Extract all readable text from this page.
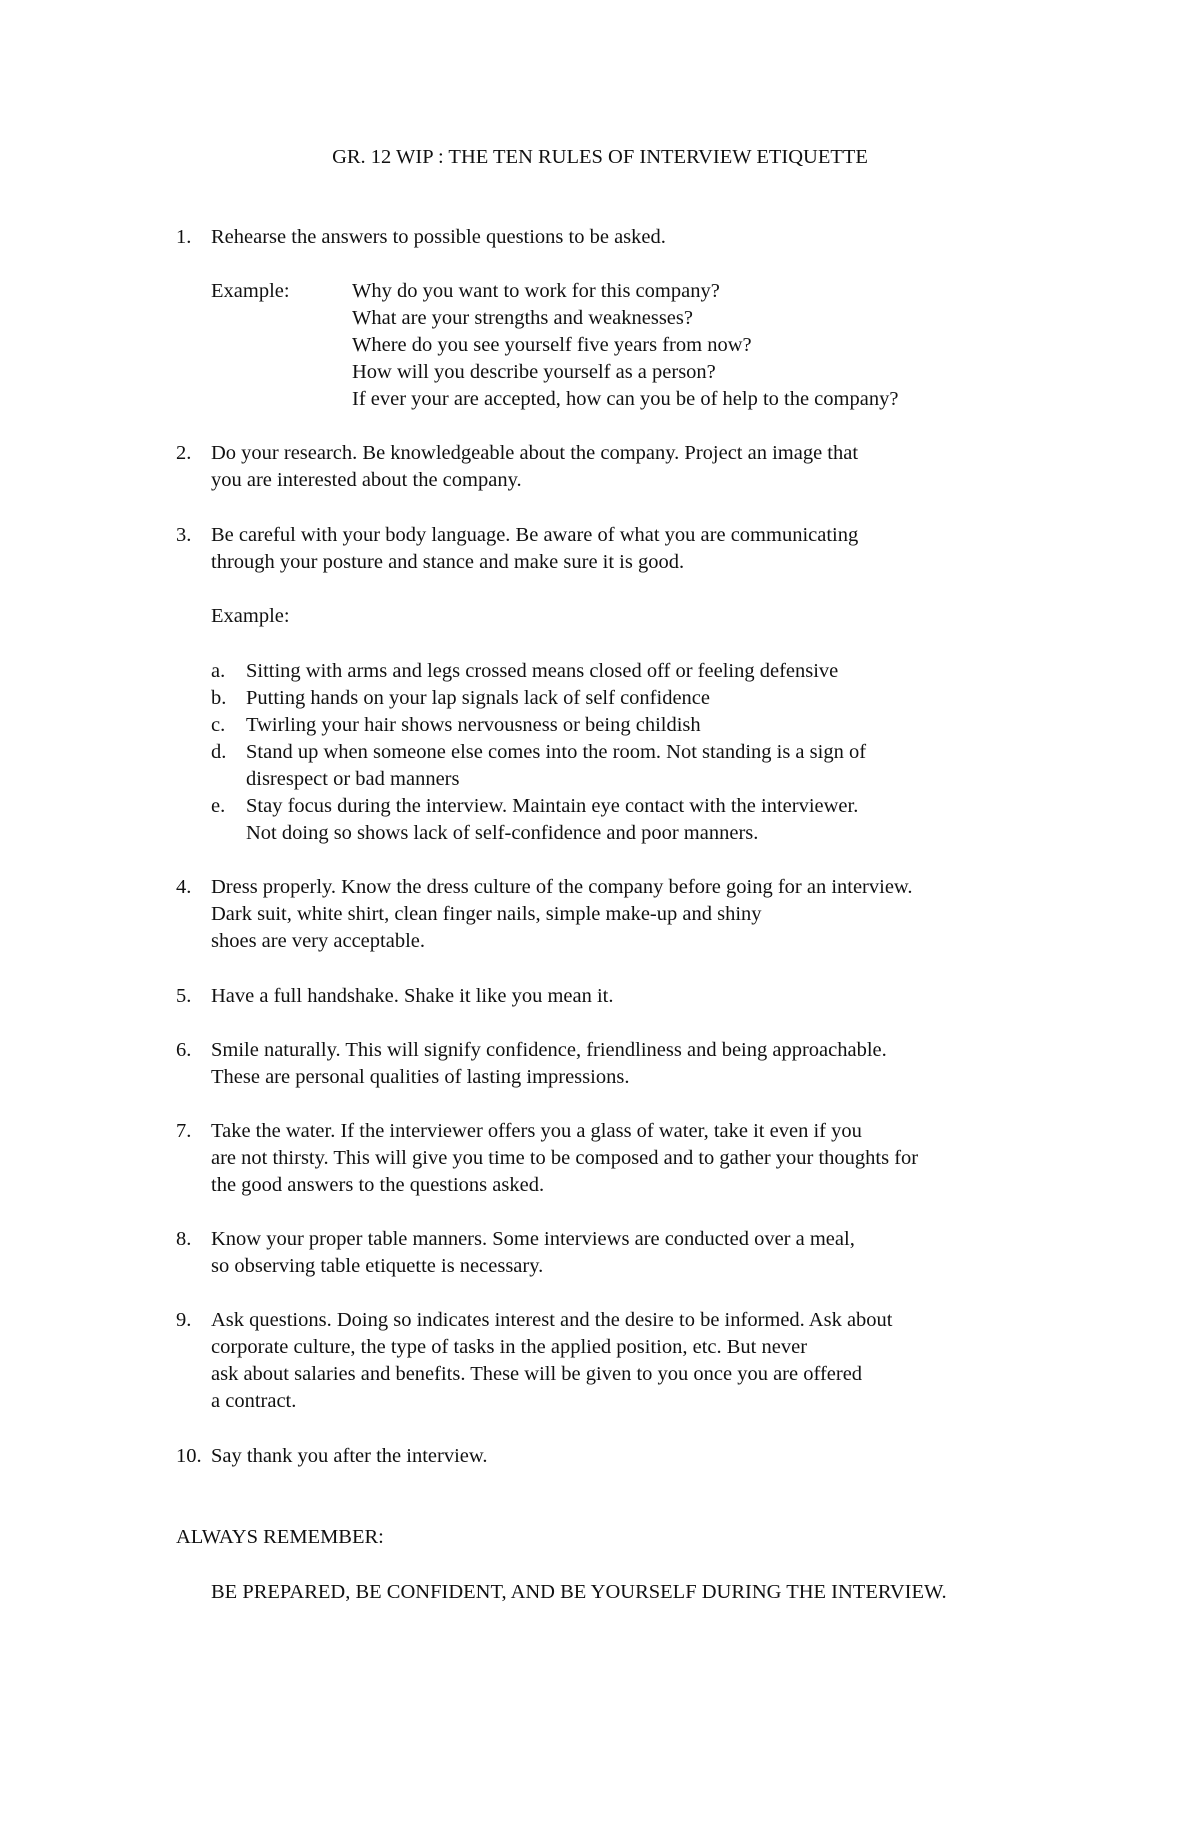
GR. 12 WIP : THE TEN RULES OF INTERVIEW ETIQUETTE
1. Rehearse the answers to possible questions to be asked.
Example:	Why do you want to work for this company?
What are your strengths and weaknesses?
Where do you see yourself five years from now?
How will you describe yourself as a person?
If ever your are accepted, how can you be of help to the company?
2. Do your research. Be knowledgeable about the company. Project an image that
you are interested about the company.
3. Be careful with your body language. Be aware of what you are communicating
through your posture and stance and make sure it is good.
Example:
a. Sitting with arms and legs crossed means closed off or feeling defensive
b. Putting hands on your lap signals lack of self confidence
c. Twirling your hair shows nervousness or being childish
d. Stand up when someone else comes into the room. Not standing is a sign of
disrespect or bad manners
e. Stay focus during the interview. Maintain eye contact with the interviewer.
Not doing so shows lack of self-confidence and poor manners.
4. Dress properly. Know the dress culture of the company before going for an interview.
Dark suit, white shirt, clean finger nails, simple make-up and shiny
shoes are very acceptable.
5. Have a full handshake. Shake it like you mean it.
6. Smile naturally. This will signify confidence, friendliness and being approachable.
These are personal qualities of lasting impressions.
7. Take the water. If the interviewer offers you a glass of water, take it even if you
are not thirsty. This will give you time to be composed and to gather your thoughts for
the good answers to the questions asked.
8. Know your proper table manners. Some interviews are conducted over a meal,
so observing table etiquette is necessary.
9. Ask questions. Doing so indicates interest and the desire to be informed. Ask about
corporate culture, the type of tasks in the applied position, etc. But never
ask about salaries and benefits. These will be given to you once you are offered
a contract.
10. Say thank you after the interview.
ALWAYS REMEMBER:
BE PREPARED, BE CONFIDENT, AND BE YOURSELF DURING THE INTERVIEW.
